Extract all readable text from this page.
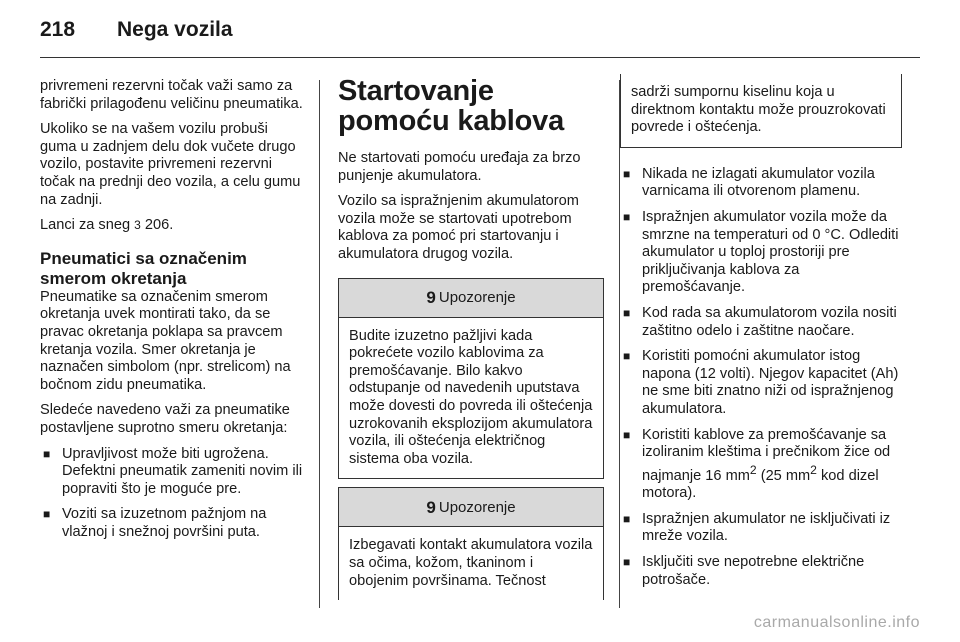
218	Nega vozila

privremeni rezervni točak važi samo za fabrički prilagođenu veličinu pneumatika.

Ukoliko se na vašem vozilu probuši guma u zadnjem delu dok vučete drugo vozilo, postavite privremeni rezervni točak na prednji deo vozila, a celu gumu na zadnji.

Lanci za sneg 3 206.

Pneumatici sa označenim smerom okretanja

Pneumatike sa označenim smerom okretanja uvek montirati tako, da se pravac okretanja poklapa sa pravcem kretanja vozila. Smer okretanja je naznačen simbolom (npr. strelicom) na bočnom zidu pneumatika.

Sledeće navedeno važi za pneumatike postavljene suprotno smeru okretanja:

■ Upravljivost može biti ugrožena. Defektni pneumatik zameniti novim ili popraviti što je moguće pre.
■ Voziti sa izuzetnom pažnjom na vlažnoj i snežnoj površini puta.
Startovanje pomoću kablova

Ne startovati pomoću uređaja za brzo punjenje akumulatora.

Vozilo sa ispražnjenim akumulatorom vozila može se startovati upotrebom kablova za pomoć pri startovanju i akumulatora drugog vozila.

9 Upozorenje
Budite izuzetno pažljivi kada pokrećete vozilo kablovima za premošćavanje. Bilo kakvo odstupanje od navedenih uputstava može dovesti do povreda ili oštećenja uzrokovanih eksplozijom akumulatora vozila, ili oštećenja električnog sistema oba vozila.
9 Upozorenje
Izbegavati kontakt akumulatora vozila sa očima, kožom, tkaninom i obojenim površinama. Tečnost
sadrži sumpornu kiselinu koja u direktnom kontaktu može prouzrokovati povrede i oštećenja.
■ Nikada ne izlagati akumulator vozila varnicama ili otvorenom plamenu.
■ Ispražnjen akumulator vozila može da smrzne na temperaturi od 0 °C. Odlediti akumulator u toploj prostoriji pre priključivanja kablova za premošćavanje.
■ Kod rada sa akumulatorom vozila nositi zaštitno odelo i zaštitne naočare.
■ Koristiti pomoćni akumulator istog napona (12 volti). Njegov kapacitet (Ah) ne sme biti znatno niži od ispražnjenog akumulatora.
■ Koristiti kablove za premošćavanje sa izoliranim kleštima i prečnikom žice od najmanje 16 $mm^2$ (25 $mm^2$ kod dizel motora).
■ Ispražnjen akumulator ne isključivati iz mreže vozila.
■ Isključiti sve nepotrebne električne potrošače.
carmanualsonline.info
